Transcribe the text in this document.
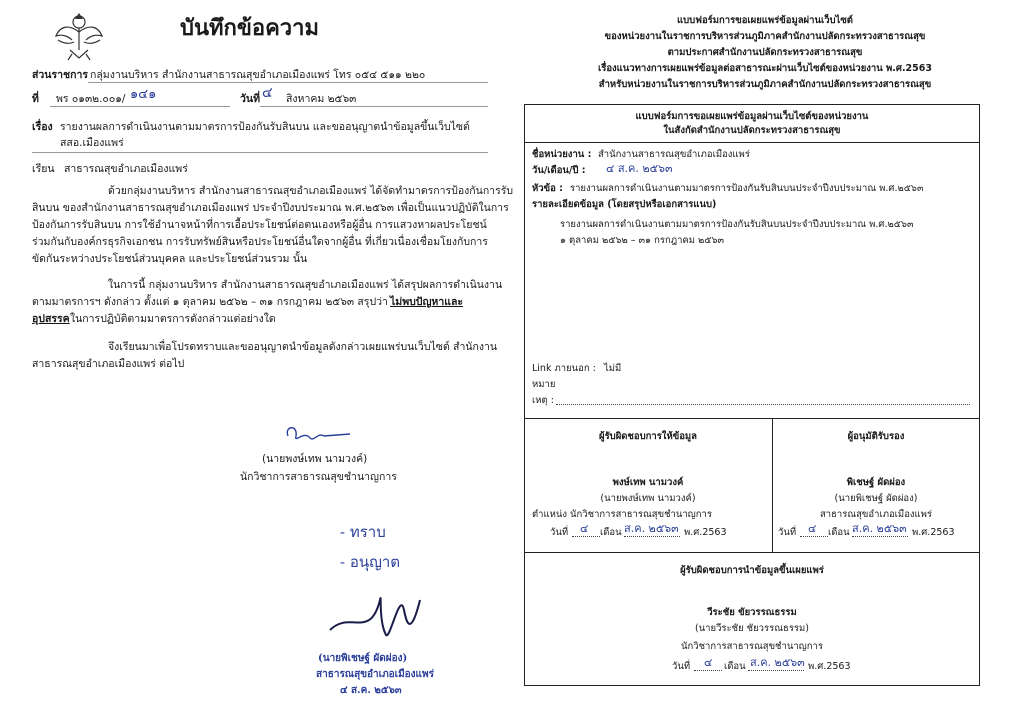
บันทึกข้อความ
ส่วนราชการ กลุ่มงานบริหาร สำนักงานสาธารณสุขอำเภอเมืองแพร่ โทร ๐๕๔ ๕๑๑ ๒๒๐
ที่ พร ๐๑๓๒.๐๐๑/ ๑๔๑	วันที่ ๔ สิงหาคม ๒๕๖๓
เรื่อง รายงานผลการดำเนินงานตามมาตรการป้องกันรับสินบน และขออนุญาตนำข้อมูลขึ้นเว็บไซต์
สสอ.เมืองแพร่
เรียน สาธารณสุขอำเภอเมืองแพร่
ด้วยกลุ่มงานบริหาร สำนักงานสาธารณสุขอำเภอเมืองแพร่ ได้จัดทำมาตรการป้องกันการรับ
สินบน ของสำนักงานสาธารณสุขอำเภอเมืองแพร่ ประจำปีงบประมาณ พ.ศ.๒๕๖๓ เพื่อเป็นแนวปฏิบัติในการ
ป้องกันการรับสินบน การใช้อำนาจหน้าที่การเอื้อประโยชน์ต่อตนเองหรือผู้อื่น การแสวงหาผลประโยชน์
ร่วมกันกับองค์กรธุรกิจเอกชน การรับทรัพย์สินหรือประโยชน์อื่นใดจากผู้อื่น ที่เกี่ยวเนื่องเชื่อมโยงกับการ
ขัดกันระหว่างประโยชน์ส่วนบุคคล และประโยชน์ส่วนรวม นั้น
ในการนี้ กลุ่มงานบริหาร สำนักงานสาธารณสุขอำเภอเมืองแพร่ ได้สรุปผลการดำเนินงาน
ตามมาตรการฯ ดังกล่าว ตั้งแต่ ๑ ตุลาคม ๒๕๖๒ – ๓๑ กรกฎาคม ๒๕๖๓ สรุปว่า ไม่พบปัญหาและ
อุปสรรค ในการปฏิบัติตามมาตรการดังกล่าวแต่อย่างใด
จึงเรียนมาเพื่อโปรดทราบและขออนุญาตนำข้อมูลดังกล่าวเผยแพร่บนเว็บไซต์ สำนักงาน
สาธารณสุขอำเภอเมืองแพร่ ต่อไป
(นายพงษ์เทพ นามวงค์)
นักวิชาการสาธารณสุขชำนาญการ
- ทราบ
- อนุญาต
(นายพิเชษฐ์ ผัดผ่อง)
สาธารณสุขอำเภอเมืองแพร่
๔ ส.ค. ๒๕๖๓
แบบฟอร์มการขอเผยแพร่ข้อมูลผ่านเว็บไซต์
ของหน่วยงานในราชการบริหารส่วนภูมิภาคสำนักงานปลัดกระทรวงสาธารณสุข
ตามประกาศสำนักงานปลัดกระทรวงสาธารณสุข
เรื่องแนวทางการเผยแพร่ข้อมูลต่อสาธารณะผ่านเว็บไซต์ของหน่วยงาน พ.ศ.2563
สำหรับหน่วยงานในราชการบริหารส่วนภูมิภาคสำนักงานปลัดกระทรวงสาธารณสุข
แบบฟอร์มการขอเผยแพร่ข้อมูลผ่านเว็บไซต์ของหน่วยงาน
ในสังกัดสำนักงานปลัดกระทรวงสาธารณสุข
ชื่อหน่วยงาน : สำนักงานสาธารณสุขอำเภอเมืองแพร่
วัน/เดือน/ปี : ๔ ส.ค. ๒๕๖๓
หัวข้อ : รายงานผลการดำเนินงานตามมาตรการป้องกันรับสินบนประจำปีงบประมาณ พ.ศ.๒๕๖๓
รายละเอียดข้อมูล (โดยสรุปหรือเอกสารแนบ)
รายงานผลการดำเนินงานตามมาตรการป้องกันรับสินบนประจำปีงบประมาณ พ.ศ.๒๕๖๓
๑ ตุลาคม ๒๕๖๒ – ๓๑ กรกฎาคม ๒๕๖๓
Link ภายนอก : ไม่มี
หมาย
เหตุ :
ผู้รับผิดชอบการให้ข้อมูล	ผู้อนุมัติรับรอง
พงษ์เทพ นามวงค์
(นายพงษ์เทพ นามวงค์)
ตำแหน่ง นักวิชาการสาธารณสุขชำนาญการ
วันที่ ๔ เดือน ส.ค. ๒๕๖๓ พ.ศ.2563
พิเชษฐ์ ผัดผ่อง
(นายพิเชษฐ์ ผัดผ่อง)
สาธารณสุขอำเภอเมืองแพร่
วันที่ ๔ เดือน ส.ค. ๒๕๖๓ พ.ศ.2563
ผู้รับผิดชอบการนำข้อมูลขึ้นเผยแพร่
วีระชัย ขัยวรรณธรรม
(นายวีระชัย ชัยวรรณธรรม)
นักวิชาการสาธารณสุขชำนาญการ
วันที่ ๔ เดือน ส.ค. ๒๕๖๓ พ.ศ.2563
